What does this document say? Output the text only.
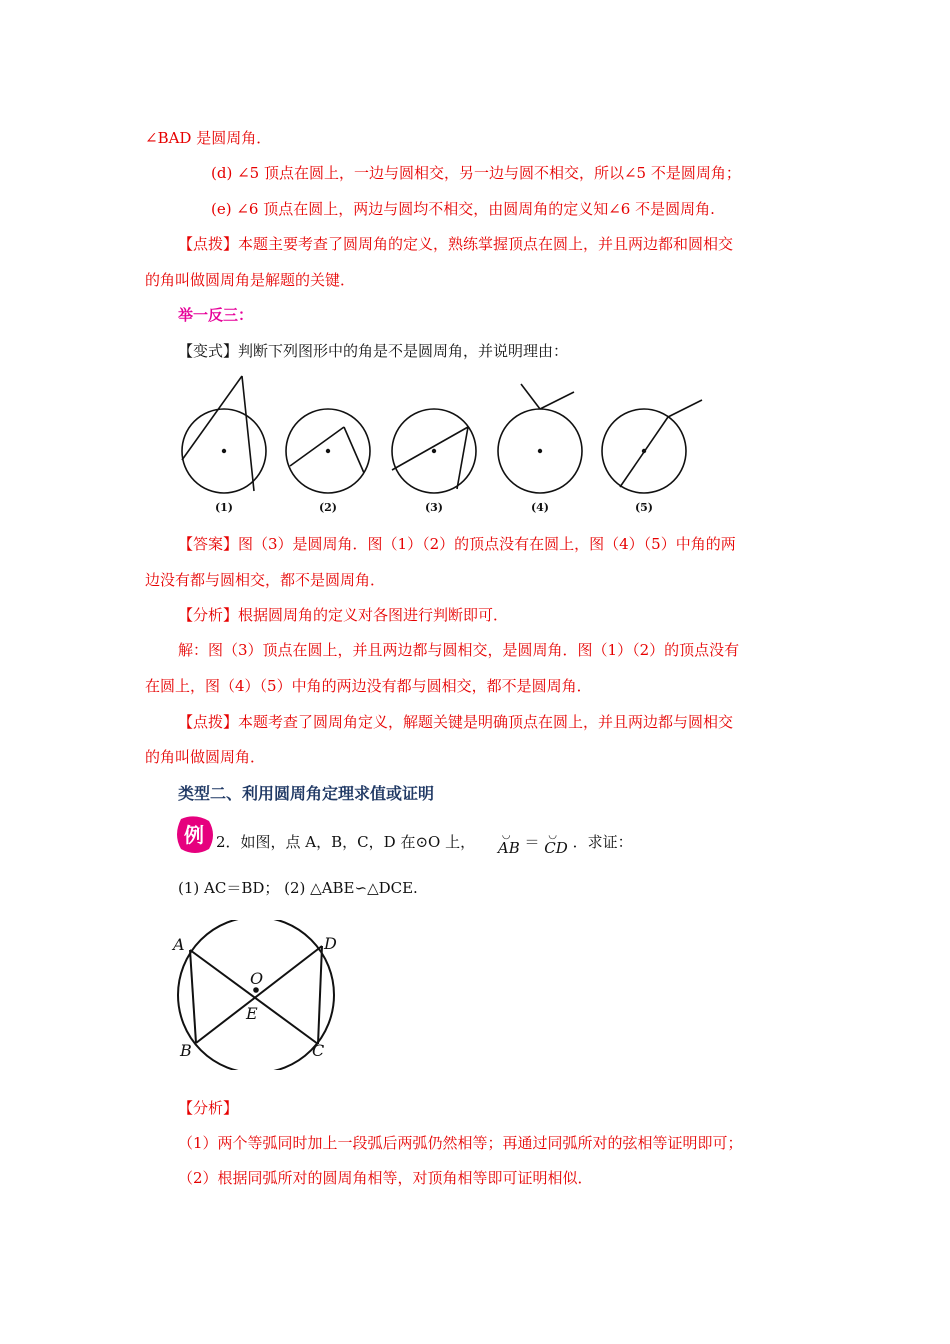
∠BAD 是圆周角．
(d) ∠5 顶点在圆上，一边与圆相交，另一边与圆不相交，所以∠5 不是圆周角；
(e) ∠6 顶点在圆上，两边与圆均不相交，由圆周角的定义知∠6 不是圆周角.
【点拨】本题主要考查了圆周角的定义，熟练掌握顶点在圆上，并且两边都和圆相交
的角叫做圆周角是解题的关键．
举一反三：
【变式】判断下列图形中的角是不是圆周角，并说明理由：
(1)	(2)	(3)	(4)	(5)
【答案】图（3）是圆周角．图（1）（2）的顶点没有在圆上，图（4）（5）中角的两
边没有都与圆相交，都不是圆周角．
【分析】根据圆周角的定义对各图进行判断即可．
解：图（3）顶点在圆上，并且两边都与圆相交，是圆周角．图（1）（2）的顶点没有
在圆上，图（4）（5）中角的两边没有都与圆相交，都不是圆周角．
【点拨】本题考查了圆周角定义，解题关键是明确顶点在圆上，并且两边都与圆相交
的角叫做圆周角．
类型二、利用圆周角定理求值或证明
例 2．如图，点 A，B，C，D 在⊙O 上，	◡
AB ＝ ◡
CD ．求证：
(1) AC＝BD； (2) △ABE∽△DCE.
A	D
O
E
B	C
【分析】
（1）两个等弧同时加上一段弧后两弧仍然相等；再通过同弧所对的弦相等证明即可；
（2）根据同弧所对的圆周角相等，对顶角相等即可证明相似．
